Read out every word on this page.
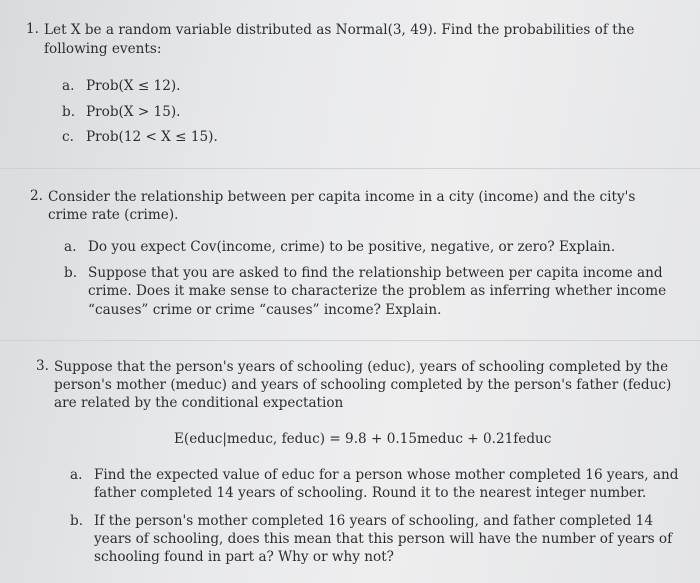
1. Let X be a random variable distributed as Normal(3, 49). Find the probabilities of the
following events:
a. Prob(X ≤ 12).
b. Prob(X > 15).
c. Prob(12 < X ≤ 15).
2. Consider the relationship between per capita income in a city (income) and the city's
crime rate (crime).
a. Do you expect Cov(income, crime) to be positive, negative, or zero? Explain.
b. Suppose that you are asked to find the relationship between per capita income and
crime. Does it make sense to characterize the problem as inferring whether income
“causes” crime or crime “causes” income? Explain.
3. Suppose that the person's years of schooling (educ), years of schooling completed by the
person's mother (meduc) and years of schooling completed by the person's father (feduc)
are related by the conditional expectation
E(educ|meduc, feduc) = 9.8 + 0.15meduc + 0.21feduc
a. Find the expected value of educ for a person whose mother completed 16 years, and
father completed 14 years of schooling. Round it to the nearest integer number.
b. If the person's mother completed 16 years of schooling, and father completed 14
years of schooling, does this mean that this person will have the number of years of
schooling found in part a? Why or why not?
